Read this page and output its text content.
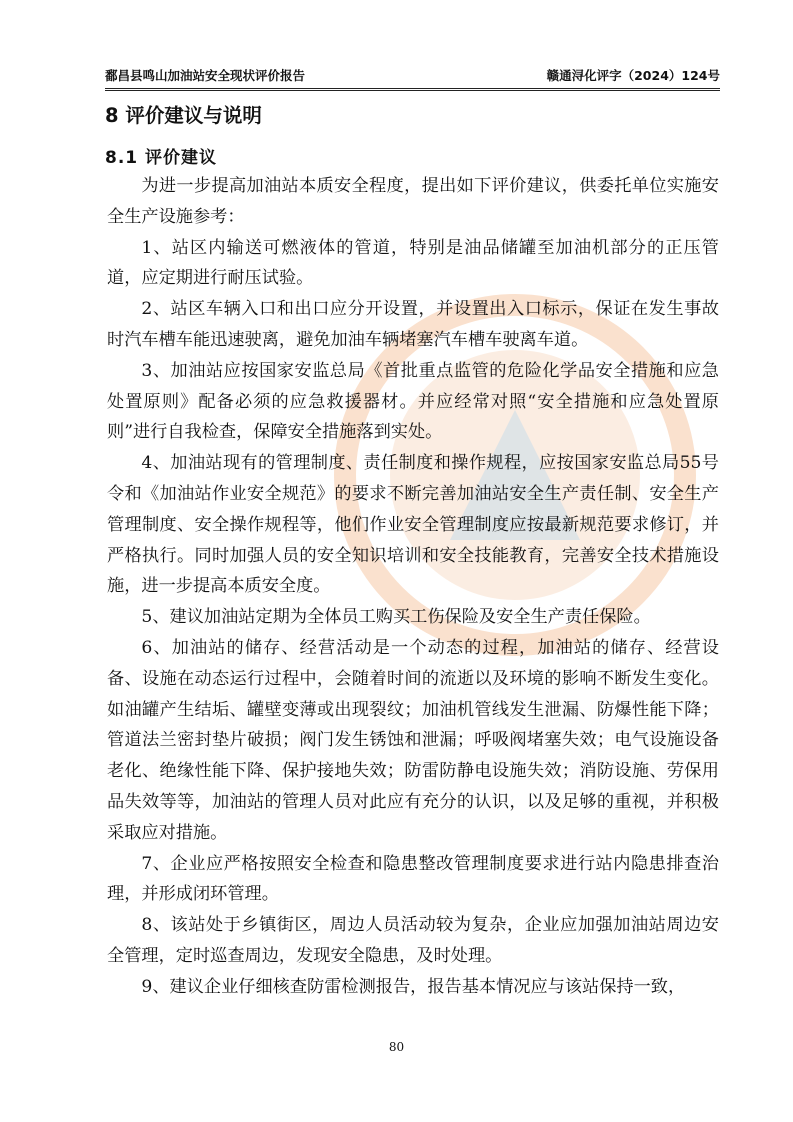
鄱昌县鸣山加油站安全现状评价报告	赣通浔化评字（2024）124号
8 评价建议与说明
8.1 评价建议

为进一步提高加油站本质安全程度，提出如下评价建议，供委托单位实施安全生产设施参考：

1、站区内输送可燃液体的管道，特别是油品储罐至加油机部分的正压管道，应定期进行耐压试验。

2、站区车辆入口和出口应分开设置，并设置出入口标示，保证在发生事故时汽车槽车能迅速驶离，避免加油车辆堵塞汽车槽车驶离车道。

3、加油站应按国家安监总局《首批重点监管的危险化学品安全措施和应急处置原则》配备必须的应急救援器材。并应经常对照“安全措施和应急处置原则”进行自我检查，保障安全措施落到实处。

4、加油站现有的管理制度、责任制度和操作规程，应按国家安监总局55号令和《加油站作业安全规范》的要求不断完善加油站安全生产责任制、安全生产管理制度、安全操作规程等，他们作业安全管理制度应按最新规范要求修订，并严格执行。同时加强人员的安全知识培训和安全技能教育，完善安全技术措施设施，进一步提高本质安全度。

5、建议加油站定期为全体员工购买工伤保险及安全生产责任保险。

6、加油站的储存、经营活动是一个动态的过程，加油站的储存、经营设备、设施在动态运行过程中，会随着时间的流逝以及环境的影响不断发生变化。如油罐产生结垢、罐壁变薄或出现裂纹；加油机管线发生泄漏、防爆性能下降；管道法兰密封垫片破损；阀门发生锈蚀和泄漏；呼吸阀堵塞失效；电气设施设备老化、绝缘性能下降、保护接地失效；防雷防静电设施失效；消防设施、劳保用品失效等等，加油站的管理人员对此应有充分的认识，以及足够的重视，并积极采取应对措施。

7、企业应严格按照安全检查和隐患整改管理制度要求进行站内隐患排查治理，并形成闭环管理。

8、该站处于乡镇街区，周边人员活动较为复杂，企业应加强加油站周边安全管理，定时巡查周边，发现安全隐患，及时处理。

9、建议企业仔细核查防雷检测报告，报告基本情况应与该站保持一致，

80
